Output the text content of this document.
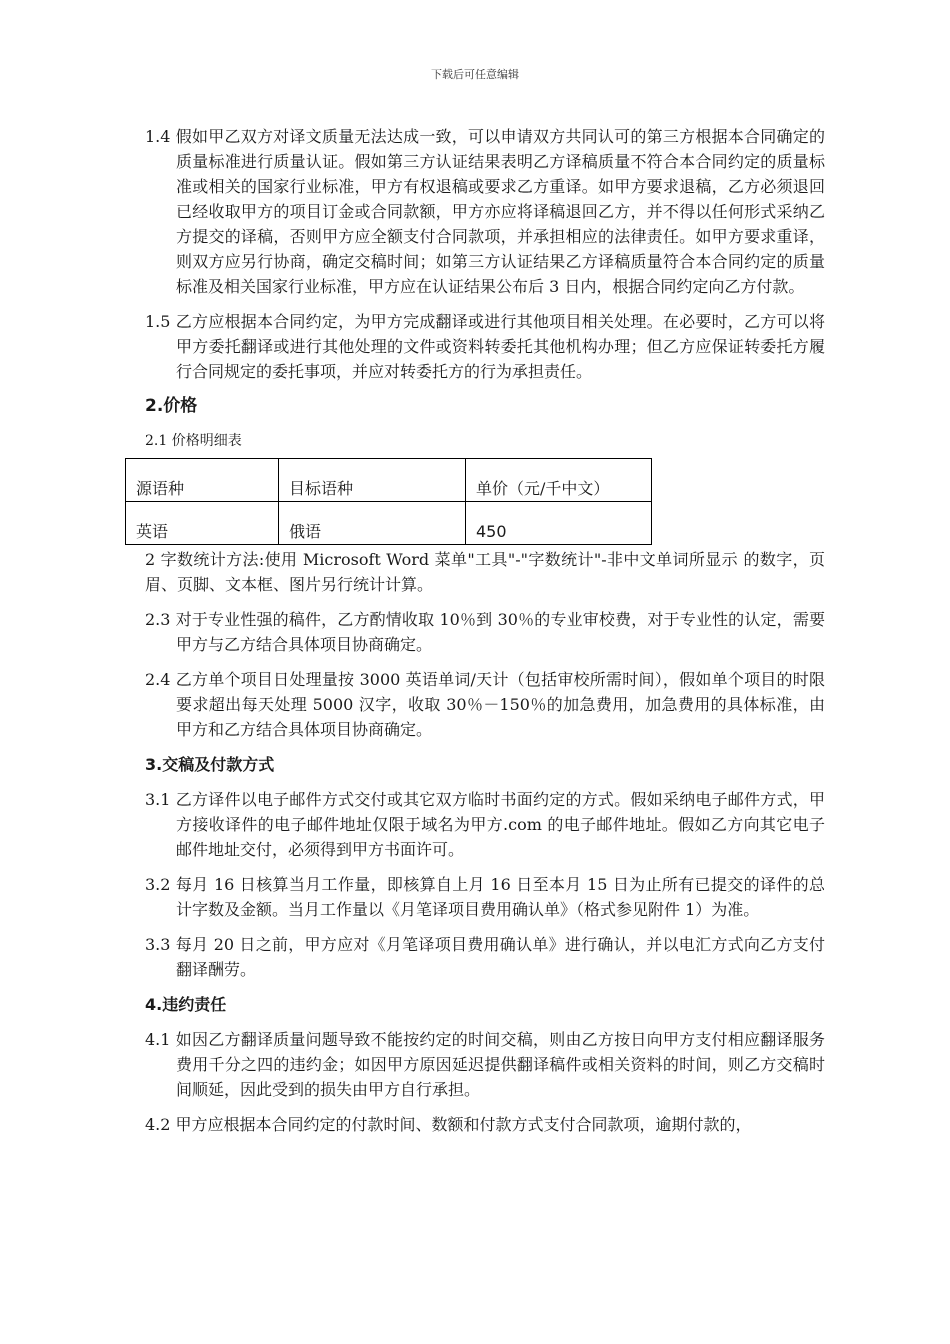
下载后可任意编辑

1.4 假如甲乙双方对译文质量无法达成一致，可以申请双方共同认可的第三方根据本合同确定的质量标准进行质量认证。假如第三方认证结果表明乙方译稿质量不符合本合同约定的质量标准或相关的国家行业标准，甲方有权退稿或要求乙方重译。如甲方要求退稿，乙方必须退回已经收取甲方的项目订金或合同款额，甲方亦应将译稿退回乙方，并不得以任何形式采纳乙方提交的译稿，否则甲方应全额支付合同款项，并承担相应的法律责任。如甲方要求重译，则双方应另行协商，确定交稿时间；如第三方认证结果乙方译稿质量符合本合同约定的质量标准及相关国家行业标准，甲方应在认证结果公布后 3 日内，根据合同约定向乙方付款。

1.5 乙方应根据本合同约定，为甲方完成翻译或进行其他项目相关处理。在必要时，乙方可以将甲方委托翻译或进行其他处理的文件或资料转委托其他机构办理；但乙方应保证转委托方履行合同规定的委托事项，并应对转委托方的行为承担责任。

2.价格
2.1 价格明细表
源语种	目标语种	单价（元/千中文）
英语	俄语	450

2 字数统计方法:使用 Microsoft Word 菜单"工具"-"字数统计"-非中文单词所显示 的数字，页眉、页脚、文本框、图片另行统计计算。

2.3 对于专业性强的稿件，乙方酌情收取 10％到 30％的专业审校费，对于专业性的认定，需要甲方与乙方结合具体项目协商确定。

2.4 乙方单个项目日处理量按 3000 英语单词/天计（包括审校所需时间），假如单个项目的时限要求超出每天处理 5000 汉字，收取 30％－150％的加急费用，加急费用的具体标准，由甲方和乙方结合具体项目协商确定。

3.交稿及付款方式

3.1 乙方译件以电子邮件方式交付或其它双方临时书面约定的方式。假如采纳电子邮件方式，甲方接收译件的电子邮件地址仅限于域名为甲方.com 的电子邮件地址。假如乙方向其它电子邮件地址交付，必须得到甲方书面许可。

3.2 每月 16 日核算当月工作量，即核算自上月 16 日至本月 15 日为止所有已提交的译件的总计字数及金额。当月工作量以《月笔译项目费用确认单》（格式参见附件 1）为准。

3.3 每月 20 日之前，甲方应对《月笔译项目费用确认单》进行确认，并以电汇方式向乙方支付翻译酬劳。

4.违约责任

4.1 如因乙方翻译质量问题导致不能按约定的时间交稿，则由乙方按日向甲方支付相应翻译服务费用千分之四的违约金；如因甲方原因延迟提供翻译稿件或相关资料的时间，则乙方交稿时间顺延，因此受到的损失由甲方自行承担。

4.2 甲方应根据本合同约定的付款时间、数额和付款方式支付合同款项，逾期付款的，
